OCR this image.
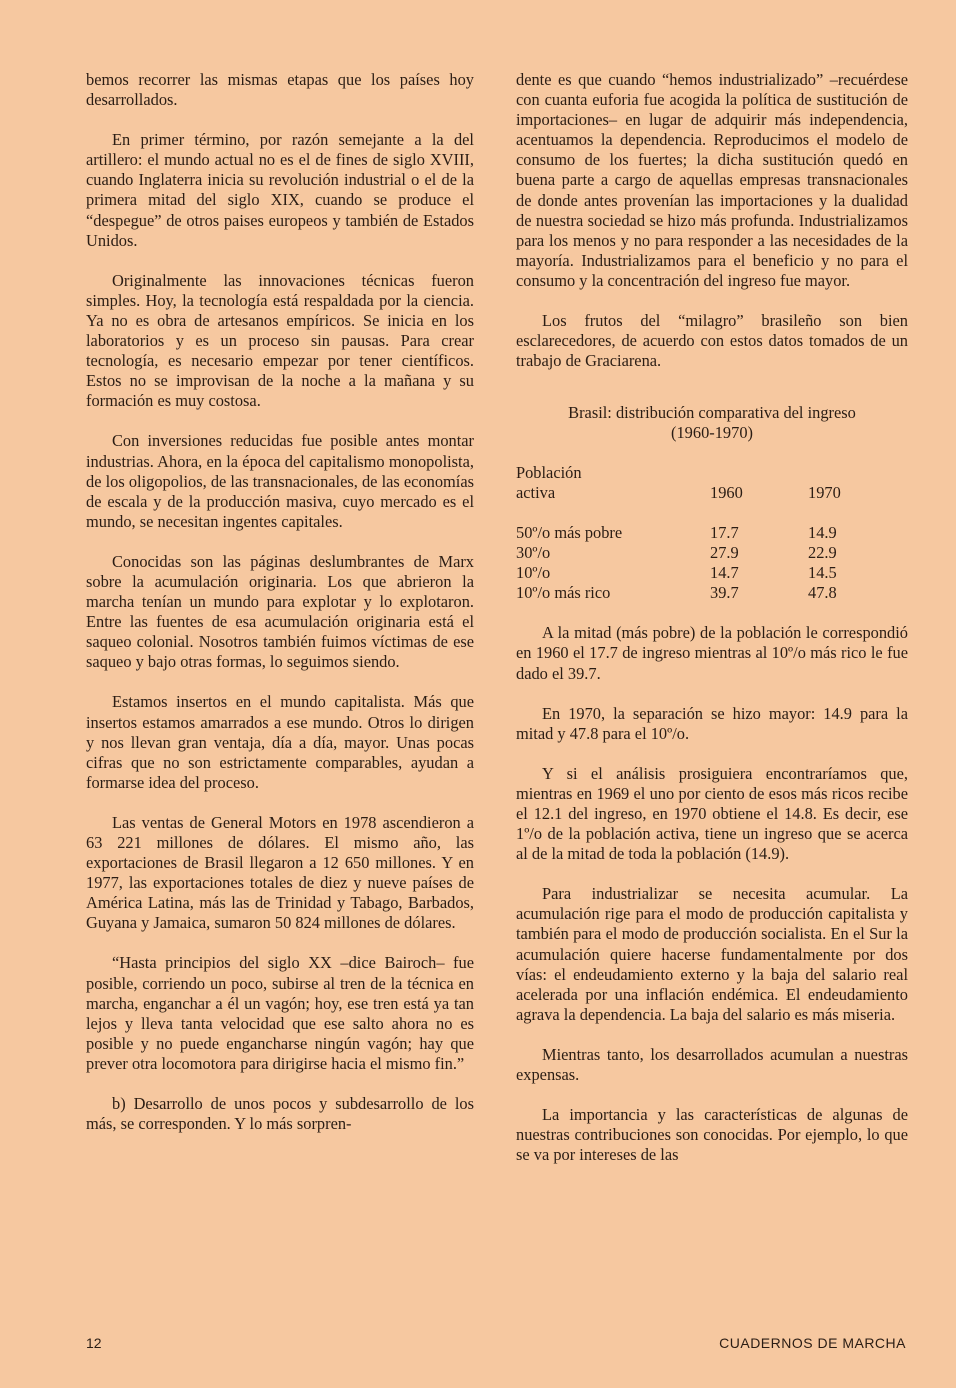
bemos recorrer las mismas etapas que los países hoy desarrollados.

En primer término, por razón semejante a la del artillero: el mundo actual no es el de fines de siglo XVIII, cuando Inglaterra inicia su revolución industrial o el de la primera mitad del siglo XIX, cuando se produce el “despegue” de otros paises europeos y también de Estados Unidos.

Originalmente las innovaciones técnicas fueron simples. Hoy, la tecnología está respaldada por la ciencia. Ya no es obra de artesanos empíricos. Se inicia en los laboratorios y es un proceso sin pausas. Para crear tecnología, es necesario empezar por tener científicos. Estos no se improvisan de la noche a la mañana y su formación es muy costosa.

Con inversiones reducidas fue posible antes montar industrias. Ahora, en la época del capitalismo monopolista, de los oligopolios, de las transnacionales, de las economías de escala y de la producción masiva, cuyo mercado es el mundo, se necesitan ingentes capitales.

Conocidas son las páginas deslumbrantes de Marx sobre la acumulación originaria. Los que abrieron la marcha tenían un mundo para explotar y lo explotaron. Entre las fuentes de esa acumulación originaria está el saqueo colonial. Nosotros también fuimos víctimas de ese saqueo y bajo otras formas, lo seguimos siendo.

Estamos insertos en el mundo capitalista. Más que insertos estamos amarrados a ese mundo. Otros lo dirigen y nos llevan gran ventaja, día a día, mayor. Unas pocas cifras que no son estrictamente comparables, ayudan a formarse idea del proceso.

Las ventas de General Motors en 1978 ascendieron a 63 221 millones de dólares. El mismo año, las exportaciones de Brasil llegaron a 12 650 millones. Y en 1977, las exportaciones totales de diez y nueve países de América Latina, más las de Trinidad y Tabago, Barbados, Guyana y Jamaica, sumaron 50 824 millones de dólares.

“Hasta principios del siglo XX –dice Bairoch– fue posible, corriendo un poco, subirse al tren de la técnica en marcha, enganchar a él un vagón; hoy, ese tren está ya tan lejos y lleva tanta velocidad que ese salto ahora no es posible y no puede engancharse ningún vagón; hay que prever otra locomotora para dirigirse hacia el mismo fin.”

b) Desarrollo de unos pocos y subdesarrollo de los más, se corresponden. Y lo más sorpren-

dente es que cuando “hemos industrializado” –recuérdese con cuanta euforia fue acogida la política de sustitución de importaciones– en lugar de adquirir más independencia, acentuamos la dependencia. Reproducimos el modelo de consumo de los fuertes; la dicha sustitución quedó en buena parte a cargo de aquellas empresas transnacionales de donde antes provenían las importaciones y la dualidad de nuestra sociedad se hizo más profunda. Industrializamos para los menos y no para responder a las necesidades de la mayoría. Industrializamos para el beneficio y no para el consumo y la concentración del ingreso fue mayor.

Los frutos del “milagro” brasileño son bien esclarecedores, de acuerdo con estos datos tomados de un trabajo de Graciarena.

Brasil: distribución comparativa del ingreso
(1960-1970)
Población
activa	1960	1970
50º/o más pobre	17.7	14.9
30º/o	27.9	22.9
10º/o	14.7	14.5
10º/o más rico	39.7	47.8

A la mitad (más pobre) de la población le correspondió en 1960 el 17.7 de ingreso mientras al 10º/o más rico le fue dado el 39.7.

En 1970, la separación se hizo mayor: 14.9 para la mitad y 47.8 para el 10º/o.

Y si el análisis prosiguiera encontraríamos que, mientras en 1969 el uno por ciento de esos más ricos recibe el 12.1 del ingreso, en 1970 obtiene el 14.8. Es decir, ese 1º/o de la población activa, tiene un ingreso que se acerca al de la mitad de toda la población (14.9).

Para industrializar se necesita acumular. La acumulación rige para el modo de producción capitalista y también para el modo de producción socialista. En el Sur la acumulación quiere hacerse fundamentalmente por dos vías: el endeudamiento externo y la baja del salario real acelerada por una inflación endémica. El endeudamiento agrava la dependencia. La baja del salario es más miseria.

Mientras tanto, los desarrollados acumulan a nuestras expensas.

La importancia y las características de algunas de nuestras contribuciones son conocidas. Por ejemplo, lo que se va por intereses de las

12	CUADERNOS DE MARCHA
